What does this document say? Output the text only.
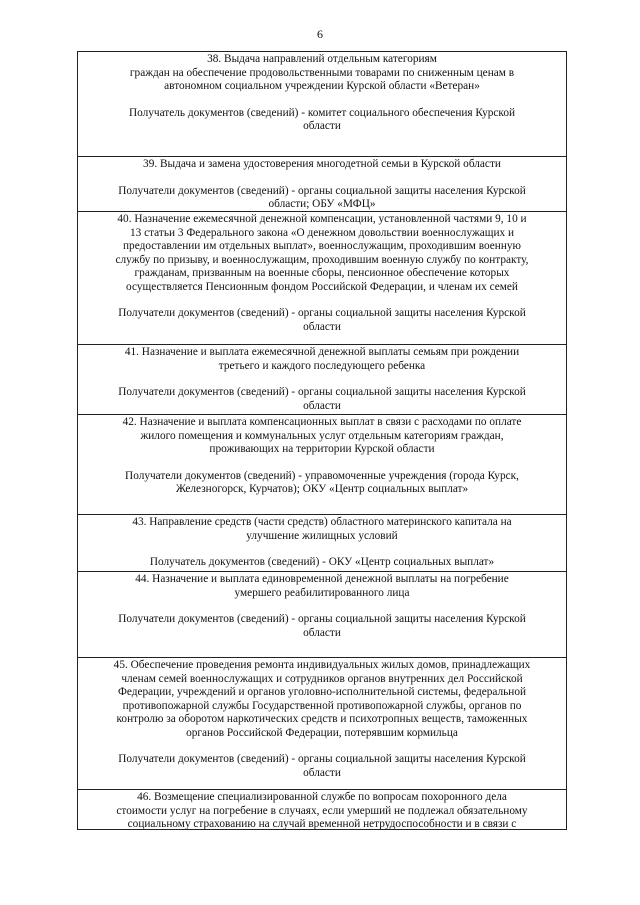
6

38. Выдача направлений отдельным категориям

граждан на обеспечение продовольственными товарами по сниженным ценам в

автономном социальном учреждении Курской области «Ветеран»

Получатель документов (сведений) - комитет социального обеспечения Курской

области

39. Выдача и замена удостоверения многодетной семьи в Курской области

Получатели документов (сведений) - органы социальной защиты населения Курской

области; ОБУ «МФЦ»

40. Назначение ежемесячной денежной компенсации, установленной частями 9, 10 и

13 статьи 3 Федерального закона «О денежном довольствии военнослужащих и

предоставлении им отдельных выплат», военнослужащим, проходившим военную

службу по призыву, и военнослужащим, проходившим военную службу по контракту,

гражданам, призванным на военные сборы, пенсионное обеспечение которых

осуществляется Пенсионным фондом Российской Федерации, и членам их семей

Получатели документов (сведений) - органы социальной защиты населения Курской

области

41. Назначение и выплата ежемесячной денежной выплаты семьям при рождении

третьего и каждого последующего ребенка

Получатели документов (сведений) - органы социальной защиты населения Курской

области

42. Назначение и выплата компенсационных выплат в связи с расходами по оплате

жилого помещения и коммунальных услуг отдельным категориям граждан,

проживающих на территории Курской области

Получатели документов (сведений) - управомоченные учреждения (города Курск,

Железногорск, Курчатов); ОКУ «Центр социальных выплат»

43. Направление средств (части средств) областного материнского капитала на

улучшение жилищных условий

Получатель документов (сведений) - ОКУ «Центр социальных выплат»

44. Назначение и выплата единовременной денежной выплаты на погребение

умершего реабилитированного лица

Получатели документов (сведений) - органы социальной защиты населения Курской

области

45. Обеспечение проведения ремонта индивидуальных жилых домов, принадлежащих

членам семей военнослужащих и сотрудников органов внутренних дел Российской

Федерации, учреждений и органов уголовно-исполнительной системы, федеральной

противопожарной службы Государственной противопожарной службы, органов по

контролю за оборотом наркотических средств и психотропных веществ, таможенных

органов Российской Федерации, потерявшим кормильца

Получатели документов (сведений) - органы социальной защиты населения Курской

области

46. Возмещение специализированной службе по вопросам похоронного дела

стоимости услуг на погребение в случаях, если умерший не подлежал обязательному

социальному страхованию на случай временной нетрудоспособности и в связи с
